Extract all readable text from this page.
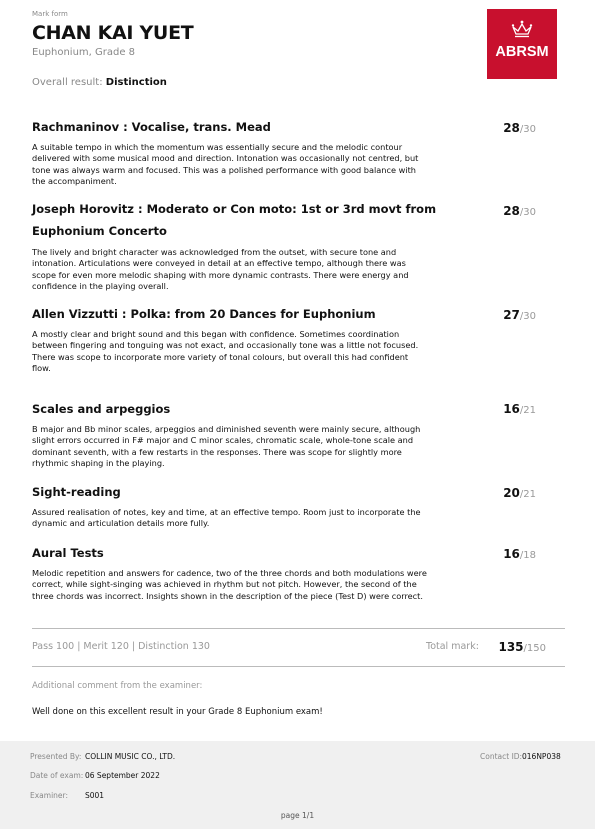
Mark form
CHAN KAI YUET
Euphonium, Grade 8
Overall result: Distinction
ABRSM
Rachmaninov : Vocalise, trans. Mead	28/30
A suitable tempo in which the momentum was essentially secure and the melodic contour delivered with some musical mood and direction. Intonation was occasionally not centred, but tone was always warm and focused. This was a polished performance with good balance with the accompaniment.
Joseph Horovitz : Moderato or Con moto: 1st or 3rd movt from
Euphonium Concerto
28/30
The lively and bright character was acknowledged from the outset, with secure tone and intonation. Articulations were conveyed in detail at an effective tempo, although there was scope for even more melodic shaping with more dynamic contrasts. There were energy and confidence in the playing overall.
Allen Vizzutti : Polka: from 20 Dances for Euphonium	27/30
A mostly clear and bright sound and this began with confidence. Sometimes coordination between fingering and tonguing was not exact, and occasionally tone was a little not focused. There was scope to incorporate more variety of tonal colours, but overall this had confident flow.
Scales and arpeggios	16/21
B major and Bb minor scales, arpeggios and diminished seventh were mainly secure, although slight errors occurred in F# major and C minor scales, chromatic scale, whole-tone scale and dominant seventh, with a few restarts in the responses. There was scope for slightly more rhythmic shaping in the playing.
Sight-reading	20/21
Assured realisation of notes, key and time, at an effective tempo. Room just to incorporate the dynamic and articulation details more fully.
Aural Tests	16/18
Melodic repetition and answers for cadence, two of the three chords and both modulations were correct, while sight-singing was achieved in rhythm but not pitch. However, the second of the three chords was incorrect. Insights shown in the description of the piece (Test D) were correct.
Pass 100 | Merit 120 | Distinction 130	Total mark:	135/150
Additional comment from the examiner:
Well done on this excellent result in your Grade 8 Euphonium exam!
Presented By: COLLIN MUSIC CO., LTD.	Contact ID: 016NP038
Date of exam: 06 September 2022
Examiner: S001
page 1/1
